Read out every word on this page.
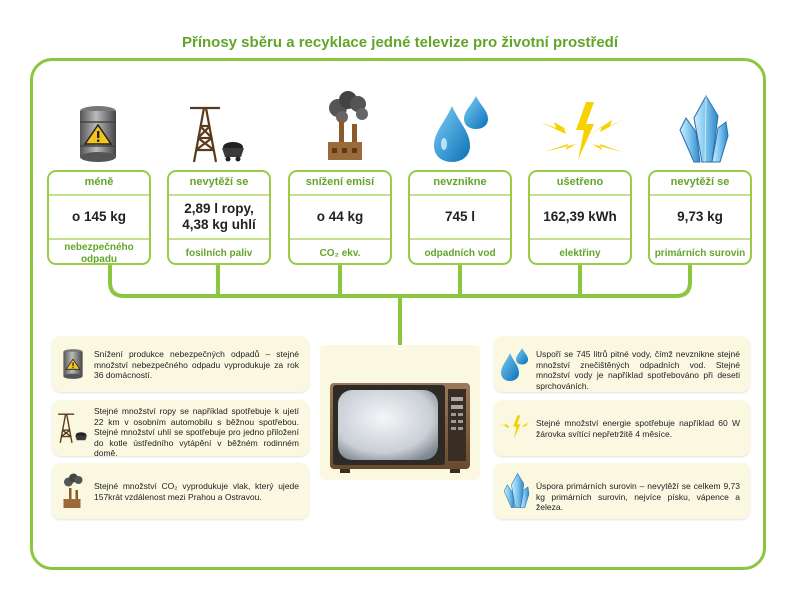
Přínosy sběru a recyklace jedné televize pro životní prostředí
méně
o 145 kg
nebezpečného odpadu
nevytěží se
2,89 l ropy,
4,38 kg uhlí
fosilních paliv
snížení emisí
o 44 kg
CO₂ ekv.
nevznikne
745 l
odpadních vod
ušetřeno
162,39 kWh
elektřiny
nevytěží se
9,73 kg
primárních surovin
Snížení produkce nebezpečných odpadů – stejné množství nebezpečného odpadu vyprodukuje za rok 36 domácností.
Stejné množství ropy se například spotřebuje k ujetí 22 km v osobním automobilu s běžnou spotřebou. Stejné množství uhlí se spotřebuje pro jedno přiložení do kotle ústředního vytápění v běžném rodinném domě.
Stejné množství CO₂ vyprodukuje vlak, který ujede 157krát vzdálenost mezi Prahou a Ostravou.
Uspoří se 745 litrů pitné vody, čímž nevznikne stejné množství znečištěných odpadních vod. Stejné množství vody je například spotřebováno při deseti sprchováních.
Stejné množství energie spotřebuje například 60 W žárovka svítící nepřetržitě 4 měsíce.
Úspora primárních surovin – nevytěží se celkem 9,73 kg primárních surovin, nejvíce písku, vápence a železa.
